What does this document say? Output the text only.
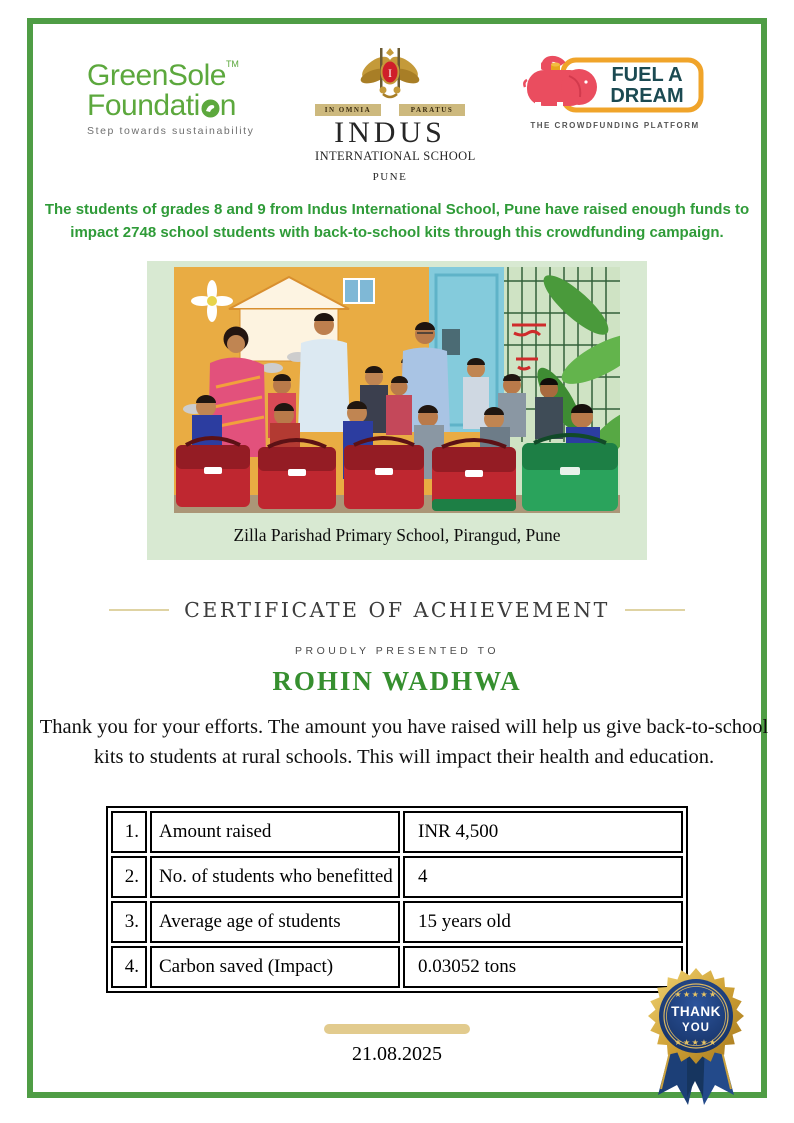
GreenSole™
Foundati n
Step towards sustainability
I
IN OMNIA	PARATUS
INDUS
INTERNATIONAL SCHOOL
PUNE
FUEL A
DREAM
THE CROWDFUNDING PLATFORM

The students of grades 8 and 9 from Indus International School, Pune have raised enough funds to impact 2748 school students with back-to-school kits through this crowdfunding campaign.

Zilla Parishad Primary School, Pirangud, Pune
CERTIFICATE OF ACHIEVEMENT
PROUDLY PRESENTED TO
ROHIN WADHWA

Thank you for your efforts. The amount you have raised will help us give back-to-school kits to students at rural schools. This will impact their health and education.

1.	Amount raised	INR 4,500
2.	No. of students who benefitted	4
3.	Average age of students	15 years old
4.	Carbon saved (Impact)	0.03052 tons
21.08.2025
★★★★★
THANK
YOU
★★★★★
